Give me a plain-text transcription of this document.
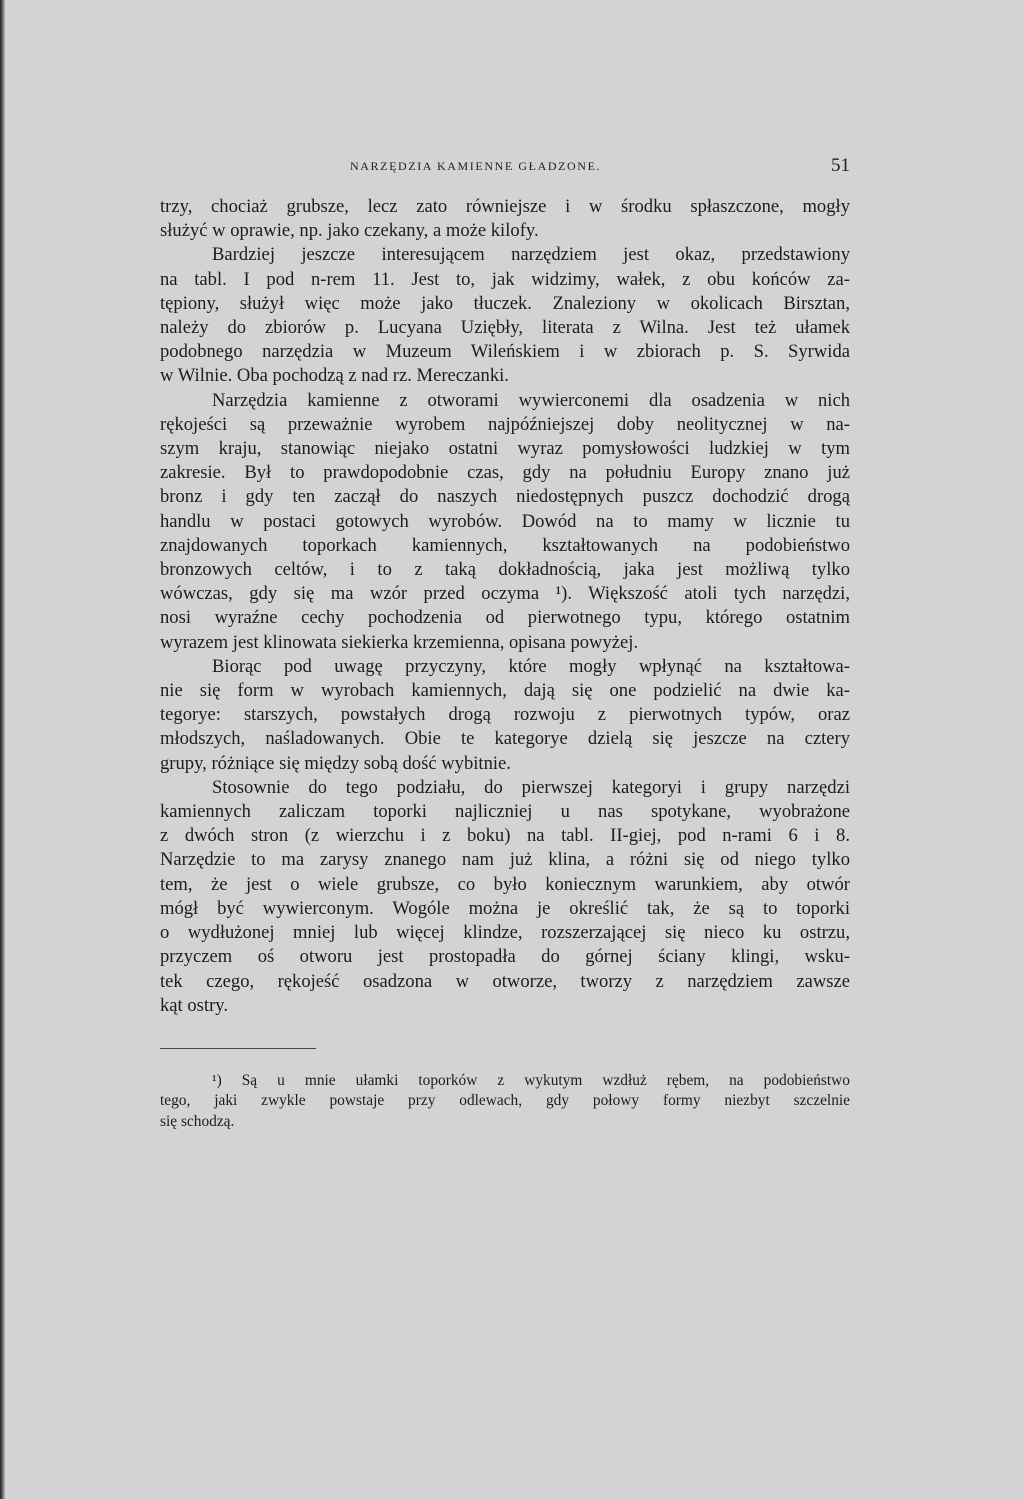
NARZĘDZIA KAMIENNE GŁADZONE.	51
trzy, chociaż grubsze, lecz zato równiejsze i w środku spłaszczone, mogły
służyć w oprawie, np. jako czekany, a może kilofy.
Bardziej jeszcze interesującem narzędziem jest okaz, przedstawiony
na tabl. I pod n-rem 11. Jest to, jak widzimy, wałek, z obu końców za-
tępiony, służył więc może jako tłuczek. Znaleziony w okolicach Birsztan,
należy do zbiorów p. Lucyana Uziębły, literata z Wilna. Jest też ułamek
podobnego narzędzia w Muzeum Wileńskiem i w zbiorach p. S. Syrwida
w Wilnie. Oba pochodzą z nad rz. Mereczanki.
Narzędzia kamienne z otworami wywierconemi dla osadzenia w nich
rękojeści są przeważnie wyrobem najpóźniejszej doby neolitycznej w na-
szym kraju, stanowiąc niejako ostatni wyraz pomysłowości ludzkiej w tym
zakresie. Był to prawdopodobnie czas, gdy na południu Europy znano już
bronz i gdy ten zaczął do naszych niedostępnych puszcz dochodzić drogą
handlu w postaci gotowych wyrobów. Dowód na to mamy w licznie tu
znajdowanych toporkach kamiennych, kształtowanych na podobieństwo
bronzowych celtów, i to z taką dokładnością, jaka jest możliwą tylko
wówczas, gdy się ma wzór przed oczyma ¹). Większość atoli tych narzędzi,
nosi wyraźne cechy pochodzenia od pierwotnego typu, którego ostatnim
wyrazem jest klinowata siekierka krzemienna, opisana powyżej.
Biorąc pod uwagę przyczyny, które mogły wpłynąć na kształtowa-
nie się form w wyrobach kamiennych, dają się one podzielić na dwie ka-
tegorye: starszych, powstałych drogą rozwoju z pierwotnych typów, oraz
młodszych, naśladowanych. Obie te kategorye dzielą się jeszcze na cztery
grupy, różniące się między sobą dość wybitnie.
Stosownie do tego podziału, do pierwszej kategoryi i grupy narzędzi
kamiennych zaliczam toporki najliczniej u nas spotykane, wyobrażone
z dwóch stron (z wierzchu i z boku) na tabl. II-giej, pod n-rami 6 i 8.
Narzędzie to ma zarysy znanego nam już klina, a różni się od niego tylko
tem, że jest o wiele grubsze, co było koniecznym warunkiem, aby otwór
mógł być wywierconym. Wogóle można je określić tak, że są to toporki
o wydłużonej mniej lub więcej klindze, rozszerzającej się nieco ku ostrzu,
przyczem oś otworu jest prostopadła do górnej ściany klingi, wsku-
tek czego, rękojeść osadzona w otworze, tworzy z narzędziem zawsze
kąt ostry.
¹) Są u mnie ułamki toporków z wykutym wzdłuż rębem, na podobieństwo
tego, jaki zwykle powstaje przy odlewach, gdy połowy formy niezbyt szczelnie
się schodzą.
